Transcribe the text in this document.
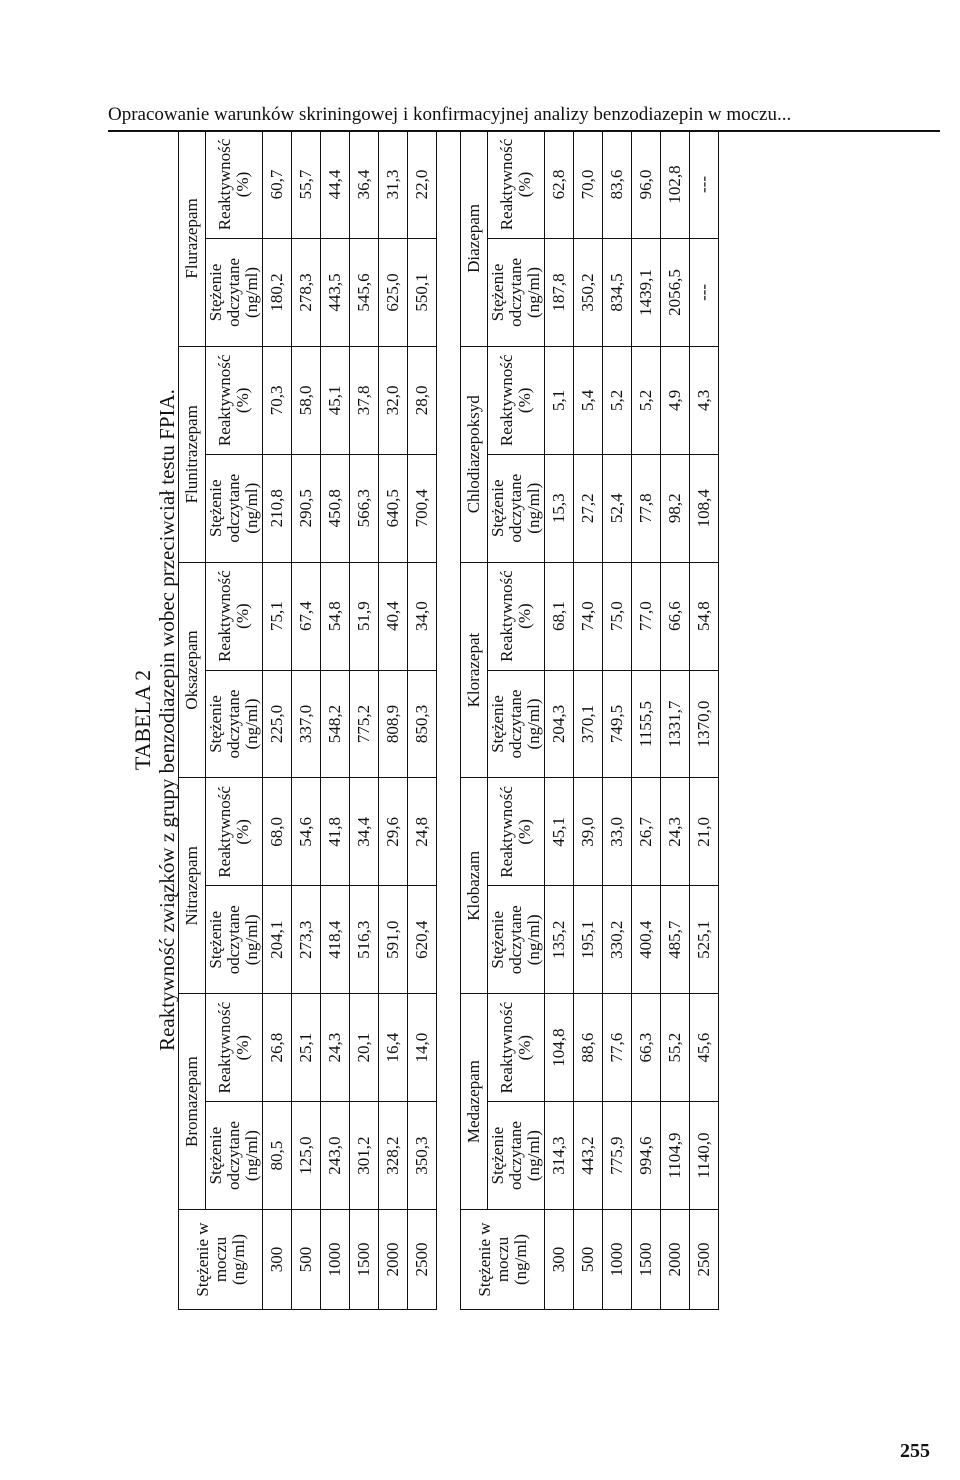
Opracowanie warunków skriningowej i konfirmacyjnej analizy benzodiazepin w moczu...
TABELA 2 Reaktywność związków z grupy benzodiazepin wobec przeciwciał testu FPIA.
Stężenie w moczu (ng/ml)	Bromazepam		Nitrazepam		Oksazepam		Flunitrazepam		Flurazepam	
	Stężenie odczytane (ng/ml)	Reaktywność (%)	Stężenie odczytane (ng/ml)	Reaktywność (%)	Stężenie odczytane (ng/ml)	Reaktywność (%)	Stężenie odczytane (ng/ml)	Reaktywność (%)	Stężenie odczytane (ng/ml)	Reaktywność (%)
300	80,5	26,8	204,1	68,0	225,0	75,1	210,8	70,3	180,2	60,7
500	125,0	25,1	273,3	54,6	337,0	67,4	290,5	58,0	278,3	55,7
1000	243,0	24,3	418,4	41,8	548,2	54,8	450,8	45,1	443,5	44,4
1500	301,2	20,1	516,3	34,4	775,2	51,9	566,3	37,8	545,6	36,4
2000	328,2	16,4	591,0	29,6	808,9	40,4	640,5	32,0	625,0	31,3
2500	350,3	14,0	620,4	24,8	850,3	34,0	700,4	28,0	550,1	22,0
Stężenie w moczu (ng/ml)	Medazepam		Klobazam		Klorazepat		Chlodiazepoksyd		Diazepam	
	Stężenie odczytane (ng/ml)	Reaktywność (%)	Stężenie odczytane (ng/ml)	Reaktywność (%)	Stężenie odczytane (ng/ml)	Reaktywność (%)	Stężenie odczytane (ng/ml)	Reaktywność (%)	Stężenie odczytane (ng/ml)	Reaktywność (%)
300	314,3	104,8	135,2	45,1	204,3	68,1	15,3	5,1	187,8	62,8
500	443,2	88,6	195,1	39,0	370,1	74,0	27,2	5,4	350,2	70,0
1000	775,9	77,6	330,2	33,0	749,5	75,0	52,4	5,2	834,5	83,6
1500	994,6	66,3	400,4	26,7	1155,5	77,0	77,8	5,2	1439,1	96,0
2000	1104,9	55,2	485,7	24,3	1331,7	66,6	98,2	4,9	2056,5	102,8
2500	1140,0	45,6	525,1	21,0	1370,0	54,8	108,4	4,3	---	---
255
